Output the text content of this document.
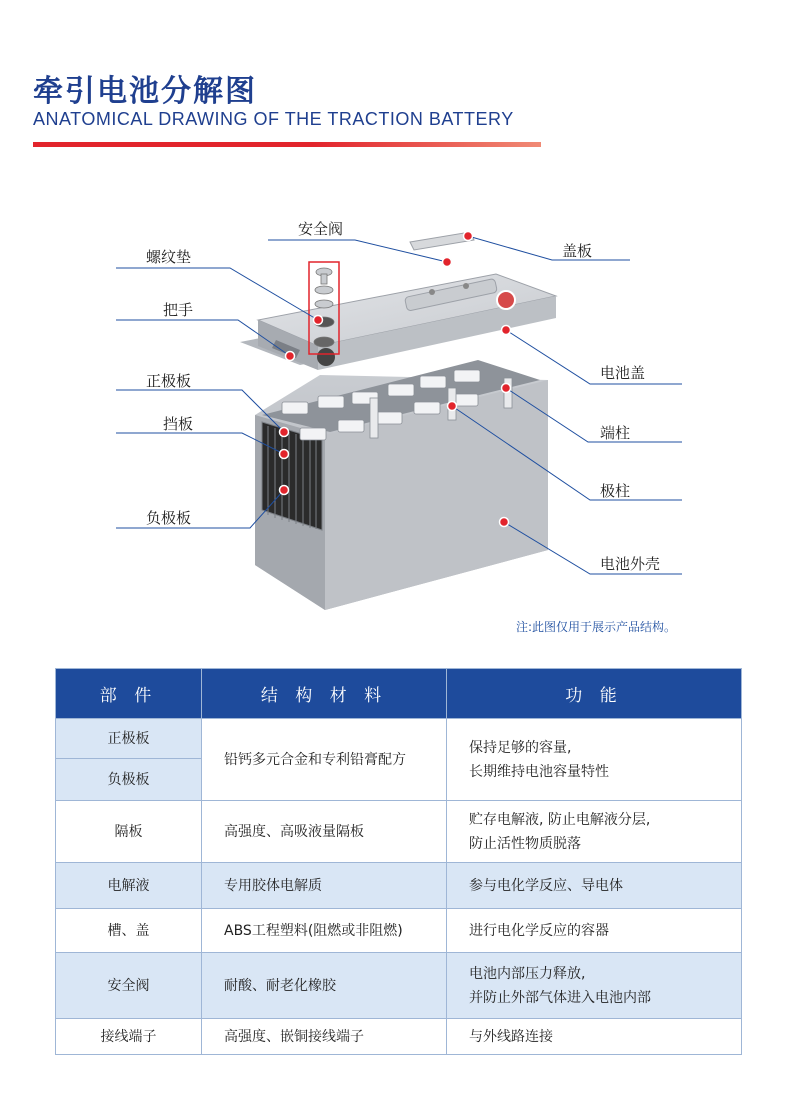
牵引电池分解图
ANATOMICAL DRAWING OF THE TRACTION BATTERY
安全阀
盖板
螺纹垫
把手
电池盖
正极板
端柱
挡板
极柱
负极板
电池外壳
注:此图仅用于展示产品结构。
部 件	结 构 材 料	功 能
正极板	铅钙多元合金和专利铅膏配方	保持足够的容量,
长期维持电池容量特性
负极板		
隔板	高强度、高吸液量隔板	贮存电解液, 防止电解液分层,
防止活性物质脱落
电解液	专用胶体电解质	参与电化学反应、导电体
槽、盖	ABS工程塑料(阻燃或非阻燃)	进行电化学反应的容器
安全阀	耐酸、耐老化橡胶	电池内部压力释放,
并防止外部气体进入电池内部
接线端子	高强度、嵌铜接线端子	与外线路连接
